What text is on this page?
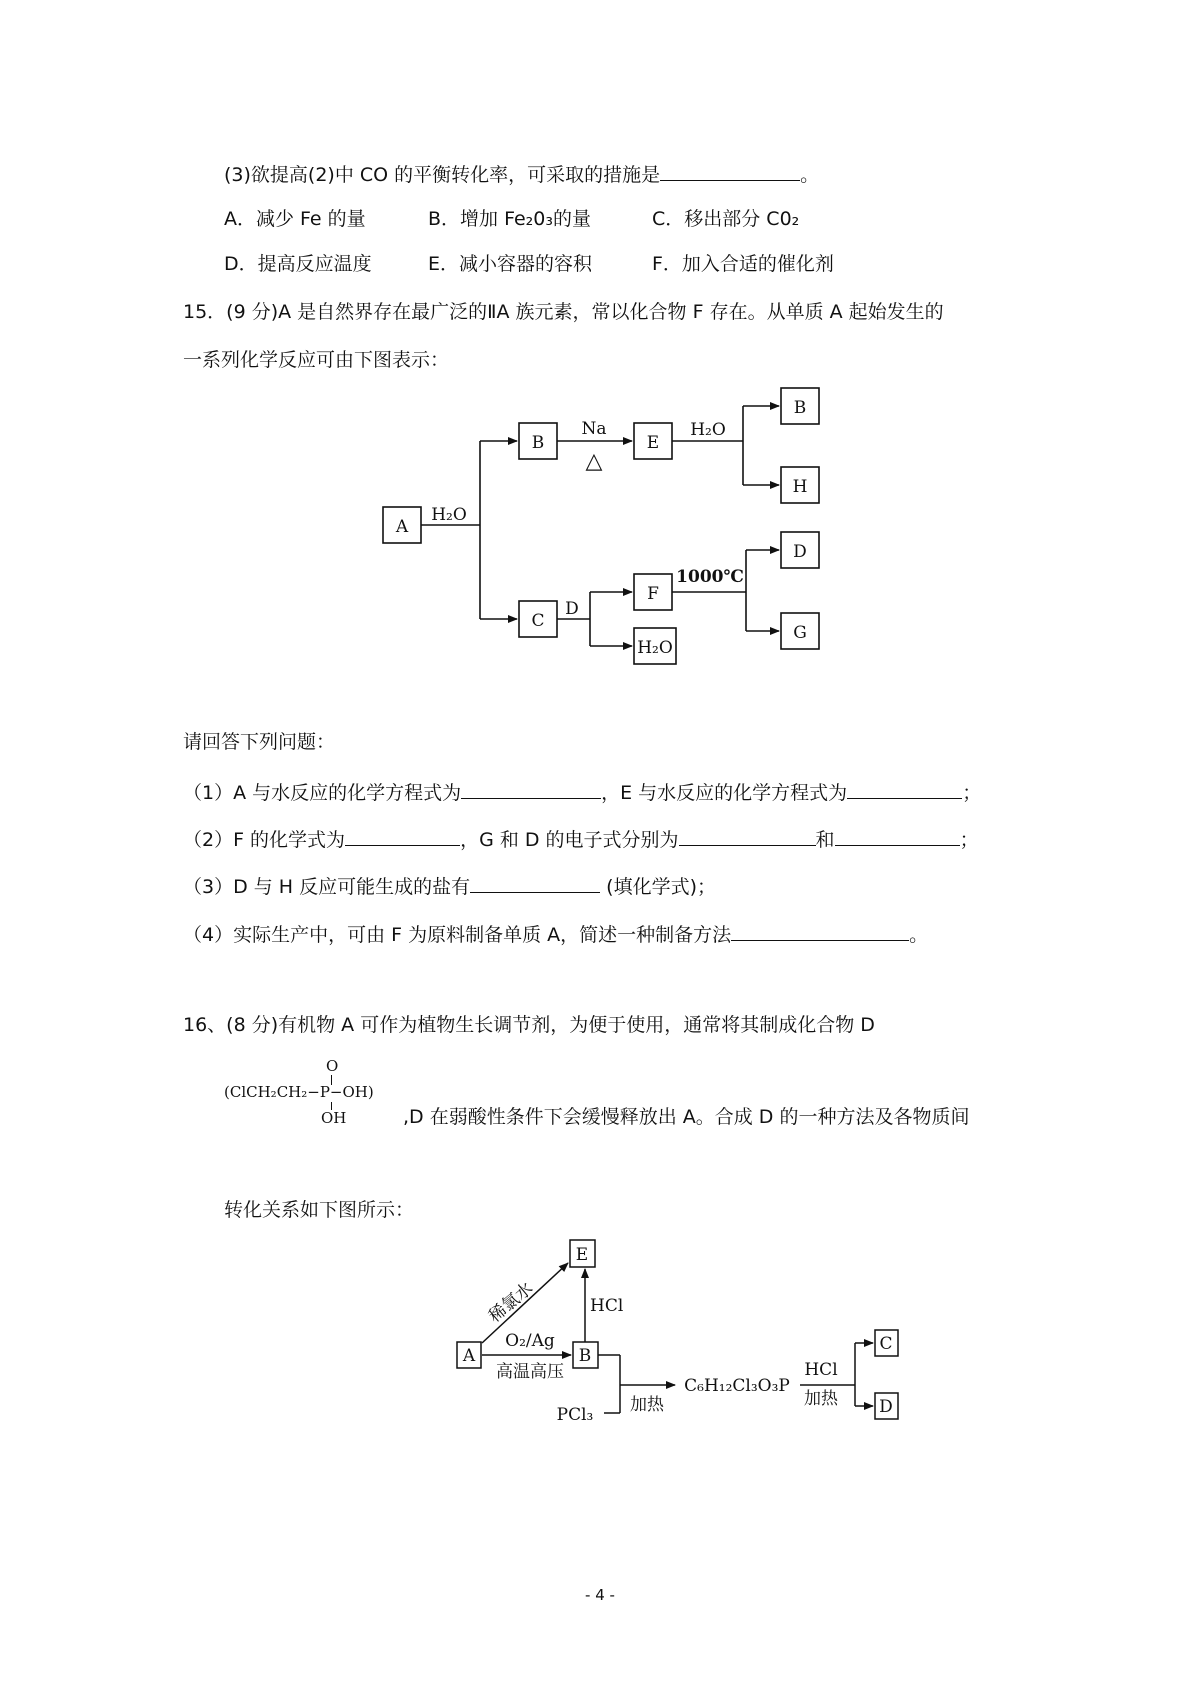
(3)欲提高(2)中 CO 的平衡转化率，可采取的措施是	。
A．减少 Fe 的量	B．增加 Fe₂0₃的量	C．移出部分 C0₂
D．提高反应温度	E．减小容器的容积	F．加入合适的催化剂
15．(9 分)A 是自然界存在最广泛的ⅡA 族元素，常以化合物 F 存在。从单质 A 起始发生的
一系列化学反应可由下图表示：
A
B	E
B
H
C
F
H₂O
D
G
H₂O
Na
△
H₂O
D
1000℃
请回答下列问题：
（1）A 与水反应的化学方程式为	，E 与水反应的化学方程式为	；
（2）F 的化学式为	，G 和 D 的电子式分别为	和	；
（3）D 与 H 反应可能生成的盐有	(填化学式)；
（4）实际生产中，可由 F 为原料制备单质 A，简述一种制备方法	。
16、(8 分)有机物 A 可作为植物生长调节剂，为便于使用，通常将其制成化合物 D
O
(ClCH₂CH₂−P−OH)
OH	,D 在弱酸性条件下会缓慢释放出 A。合成 D 的一种方法及各物质间
转化关系如下图所示：
E
A	B
C
D
稀氯水	HCl
O₂/Ag
高温高压
加热
PCl₃
C₆H₁₂Cl₃O₃P
HCl
加热
- 4 -
